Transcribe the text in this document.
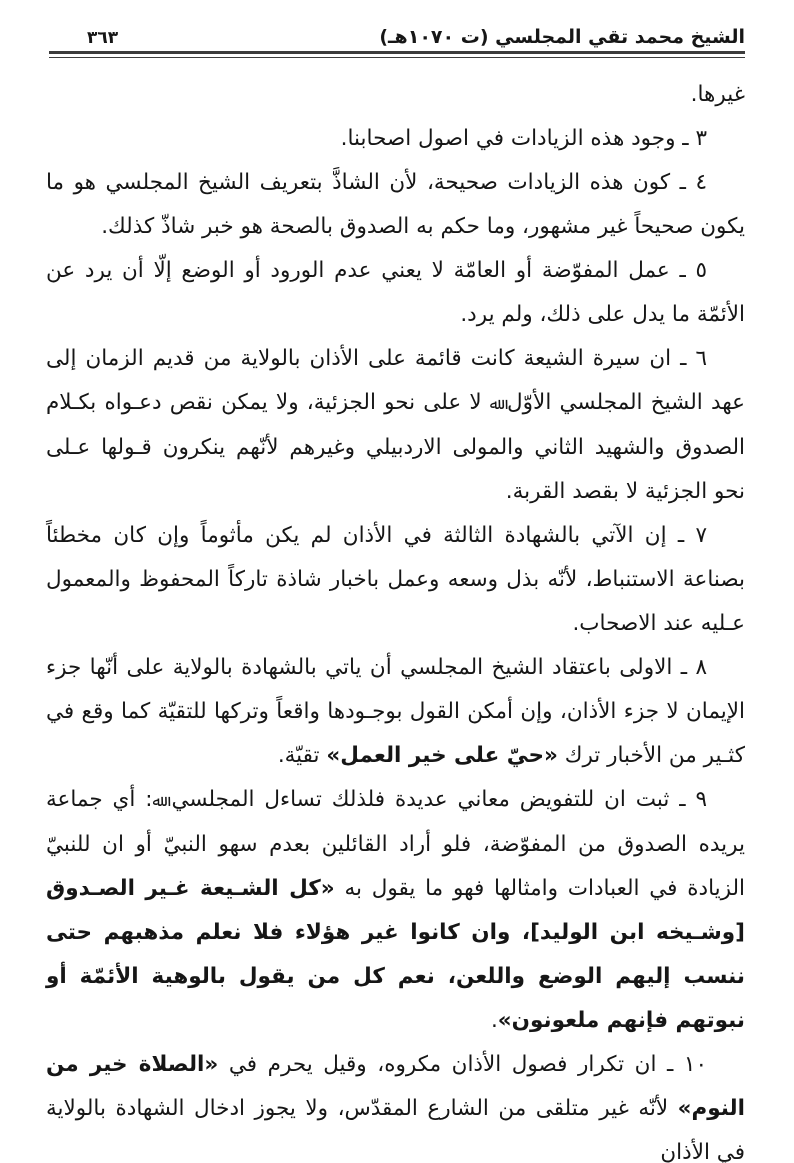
الشيخ محمد تقي المجلسي (ت ١٠٧٠هـ)
٣٦٣

غيرها.

٣ ـ وجود هذه الزيادات في اصول اصحابنا.

٤ ـ كون هذه الزيادات صحيحة، لأن الشاذَّ بتعريف الشيخ المجلسي هو ما يكون صحيحاً غير مشهور، وما حكم به الصدوق بالصحة هو خبر شاذّ كذلك.

٥ ـ عمل المفوّضة أو العامّة لا يعني عدم الورود أو الوضع إلّا أن يرد عن الأئمّة ما يدل على ذلك، ولم يرد.

٦ ـ ان سيرة الشيعة كانت قائمة على الأذان بالولاية من قديم الزمان إلى عهد الشيخ المجلسي الأوّل ﷲ لا على نحو الجزئية، ولا يمكن نقص دعـواه بكـلام الصدوق والشهيد الثاني والمولى الاردبيلي وغيرهم لأنّهم ينكرون قـولها عـلى نحو الجزئية لا بقصد القربة.

٧ ـ إن الآتي بالشهادة الثالثة في الأذان لم يكن مأثوماً وإن كان مخطئاً بصناعة الاستنباط، لأنّه بذل وسعه وعمل باخبار شاذة تاركاً المحفوظ والمعمول عـليه عند الاصحاب.

٨ ـ الاولى باعتقاد الشيخ المجلسي أن ياتي بالشهادة بالولاية على أنّها جزء الإيمان لا جزء الأذان، وإن أمكن القول بوجـودها واقعاً وتركها للتقيّة كما وقع في كثـير من الأخبار ترك «حيّ على خير العمل» تقيّة.

٩ ـ ثبت ان للتفويض معاني عديدة فلذلك تساءل المجلسي ﷲ: أي جماعة يريده الصدوق من المفوّضة، فلو أراد القائلين بعدم سهو النبيّ أو ان للنبيّ الزيادة في العبادات وامثالها فهو ما يقول به «كل الشـيعة غـير الصـدوق [وشـيخه ابن الوليد]، وان كانوا غير هؤلاء فلا نعلم مذهبهم حتى ننسب إليهم الوضع واللعن، نعم كل من يقول بالوهية الأئمّة أو نبوتهم فإنهم ملعونون».

١٠ ـ ان تكرار فصول الأذان مكروه، وقيل يحرم في «الصلاة خير من النوم» لأنّه غير متلقى من الشارع المقدّس، ولا يجوز ادخال الشهادة بالولاية في الأذان
